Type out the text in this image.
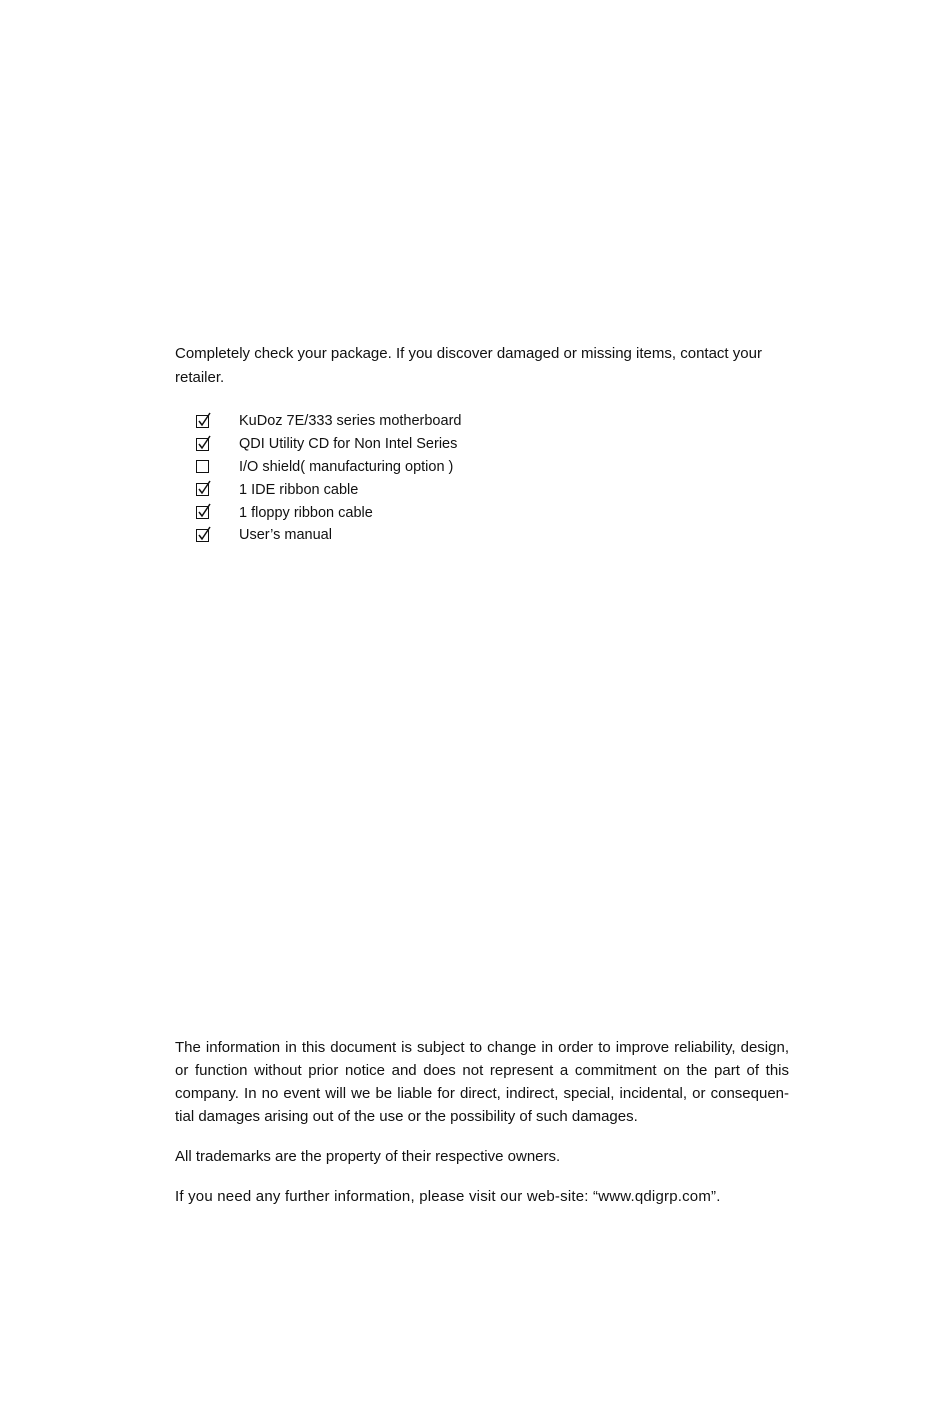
Completely check your package. If you discover damaged or missing items, contact your retailer.

KuDoz 7E/333 series motherboard
QDI Utility CD for Non Intel Series
I/O shield( manufacturing option )
1 IDE ribbon cable
1 floppy ribbon cable
User’s manual

The information in this document is subject to change in order to improve reliability, design, or function without prior notice and does not represent a commitment on the part of this company. In no event will we be liable for direct, indirect, special, incidental, or consequen-tial damages arising out of the use or the possibility of such damages.

All trademarks are the property of their respective owners.

If you need any further information, please visit our web-site: “www.qdigrp.com”.
